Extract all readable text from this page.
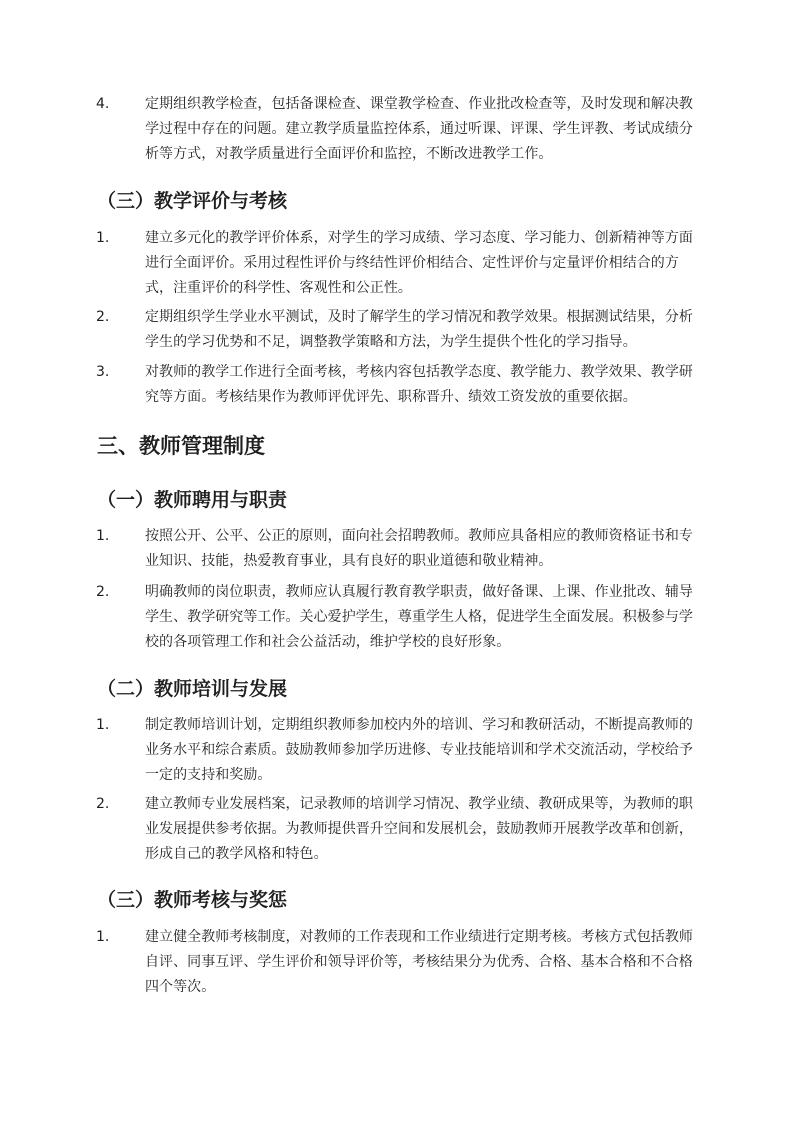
4.	定期组织教学检查，包括备课检查、课堂教学检查、作业批改检查等，及时发现和解决教学过程中存在的问题。建立教学质量监控体系，通过听课、评课、学生评教、考试成绩分析等方式，对教学质量进行全面评价和监控，不断改进教学工作。
（三）教学评价与考核
1.	建立多元化的教学评价体系，对学生的学习成绩、学习态度、学习能力、创新精神等方面进行全面评价。采用过程性评价与终结性评价相结合、定性评价与定量评价相结合的方式，注重评价的科学性、客观性和公正性。
2.	定期组织学生学业水平测试，及时了解学生的学习情况和教学效果。根据测试结果，分析学生的学习优势和不足，调整教学策略和方法，为学生提供个性化的学习指导。
3.	对教师的教学工作进行全面考核，考核内容包括教学态度、教学能力、教学效果、教学研究等方面。考核结果作为教师评优评先、职称晋升、绩效工资发放的重要依据。
三、教师管理制度
（一）教师聘用与职责
1.	按照公开、公平、公正的原则，面向社会招聘教师。教师应具备相应的教师资格证书和专业知识、技能，热爱教育事业，具有良好的职业道德和敬业精神。
2.	明确教师的岗位职责，教师应认真履行教育教学职责，做好备课、上课、作业批改、辅导学生、教学研究等工作。关心爱护学生，尊重学生人格，促进学生全面发展。积极参与学校的各项管理工作和社会公益活动，维护学校的良好形象。
（二）教师培训与发展
1.	制定教师培训计划，定期组织教师参加校内外的培训、学习和教研活动，不断提高教师的业务水平和综合素质。鼓励教师参加学历进修、专业技能培训和学术交流活动，学校给予一定的支持和奖励。
2.	建立教师专业发展档案，记录教师的培训学习情况、教学业绩、教研成果等，为教师的职业发展提供参考依据。为教师提供晋升空间和发展机会，鼓励教师开展教学改革和创新，形成自己的教学风格和特色。
（三）教师考核与奖惩
1.	建立健全教师考核制度，对教师的工作表现和工作业绩进行定期考核。考核方式包括教师自评、同事互评、学生评价和领导评价等，考核结果分为优秀、合格、基本合格和不合格四个等次。
